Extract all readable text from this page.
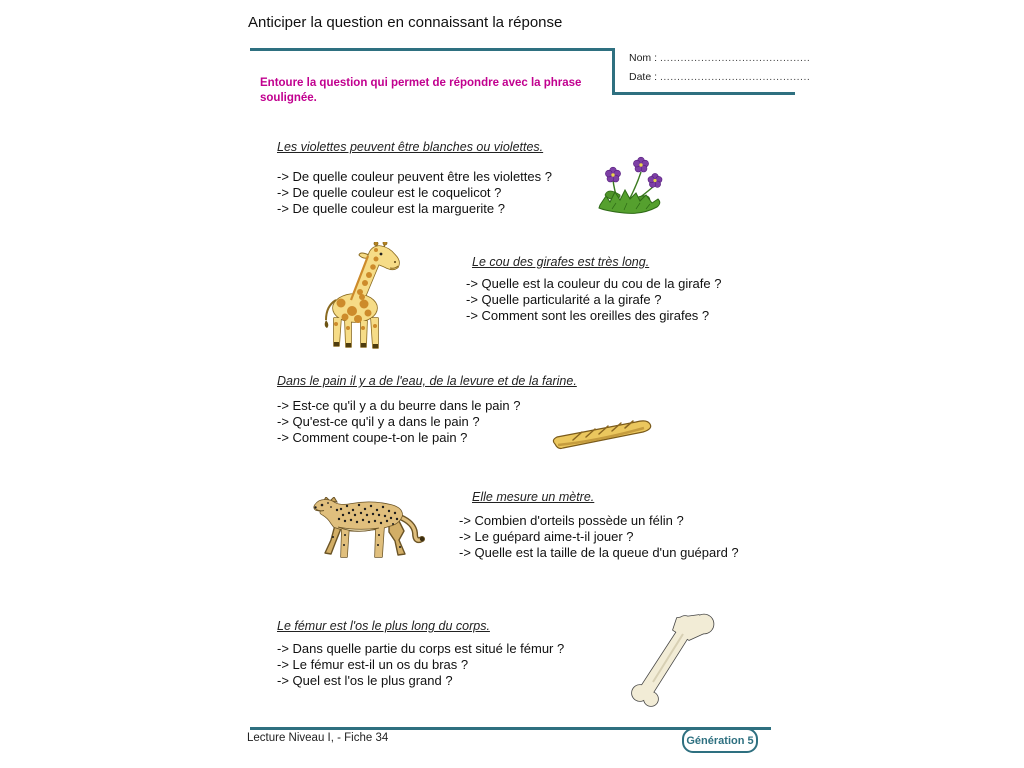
Anticiper la question en connaissant la réponse
Nom : ............................................
Date : ............................................
Entoure la question qui permet de répondre avec la phrase soulignée.
Les violettes peuvent être blanches ou violettes.
-> De quelle couleur peuvent être les violettes ?
-> De quelle couleur est le coquelicot ?
-> De quelle couleur est la marguerite ?
Le cou des girafes est très long.
-> Quelle est la couleur du cou de la girafe ?
-> Quelle particularité a la girafe ?
-> Comment sont les oreilles des girafes ?
Dans le pain il y a de l'eau, de la levure et de la farine.
-> Est-ce qu'il y a du beurre dans le pain ?
-> Qu'est-ce qu'il y a dans le pain ?
-> Comment coupe-t-on le pain ?
Elle mesure un mètre.
-> Combien d'orteils possède un félin ?
-> Le guépard aime-t-il jouer ?
-> Quelle est la taille de la queue d'un guépard ?
Le fémur est l'os le plus long du corps.
-> Dans quelle partie du corps est situé le fémur ?
-> Le fémur est-il un os du bras ?
-> Quel est l'os le plus grand ?
Lecture Niveau I, - Fiche 34	Génération 5
